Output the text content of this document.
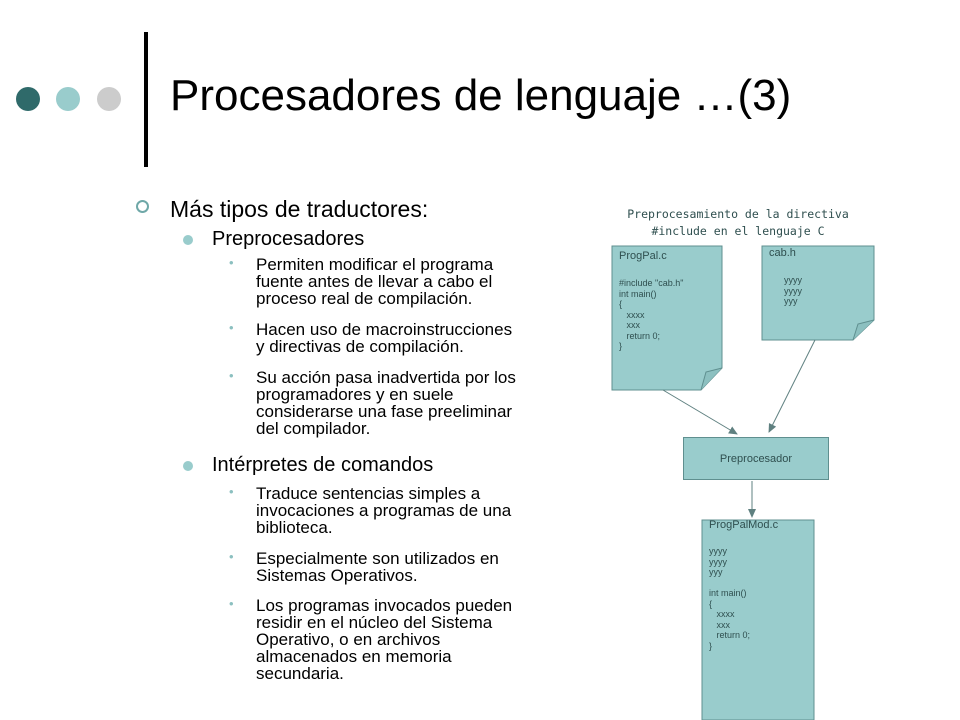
Procesadores de lenguaje …(3)

Más tipos de traductores:

Preprocesadores

• Permiten modificar el programa
fuente antes de llevar a cabo el
proceso real de compilación.
• Hacen uso de macroinstrucciones
y directivas de compilación.
• Su acción pasa inadvertida por los
programadores y en suele
considerarse una fase preeliminar
del compilador.

Intérpretes de comandos

• Traduce sentencias simples a
invocaciones a programas de una
biblioteca.
• Especialmente son utilizados en
Sistemas Operativos.
• Los programas invocados pueden
residir en el núcleo del Sistema
Operativo, o en archivos
almacenados en memoria
secundaria.
Preprocesamiento de la directiva
#include en el lenguaje C
ProgPal.c
#include "cab.h"
int main()
{
xxxx
xxx
return 0;
}
cab.h
yyyy
yyyy
yyy
Preprocesador
ProgPalMod.c
yyyy
yyyy
yyy

int main()
{
xxxx
xxx
return 0;
}
